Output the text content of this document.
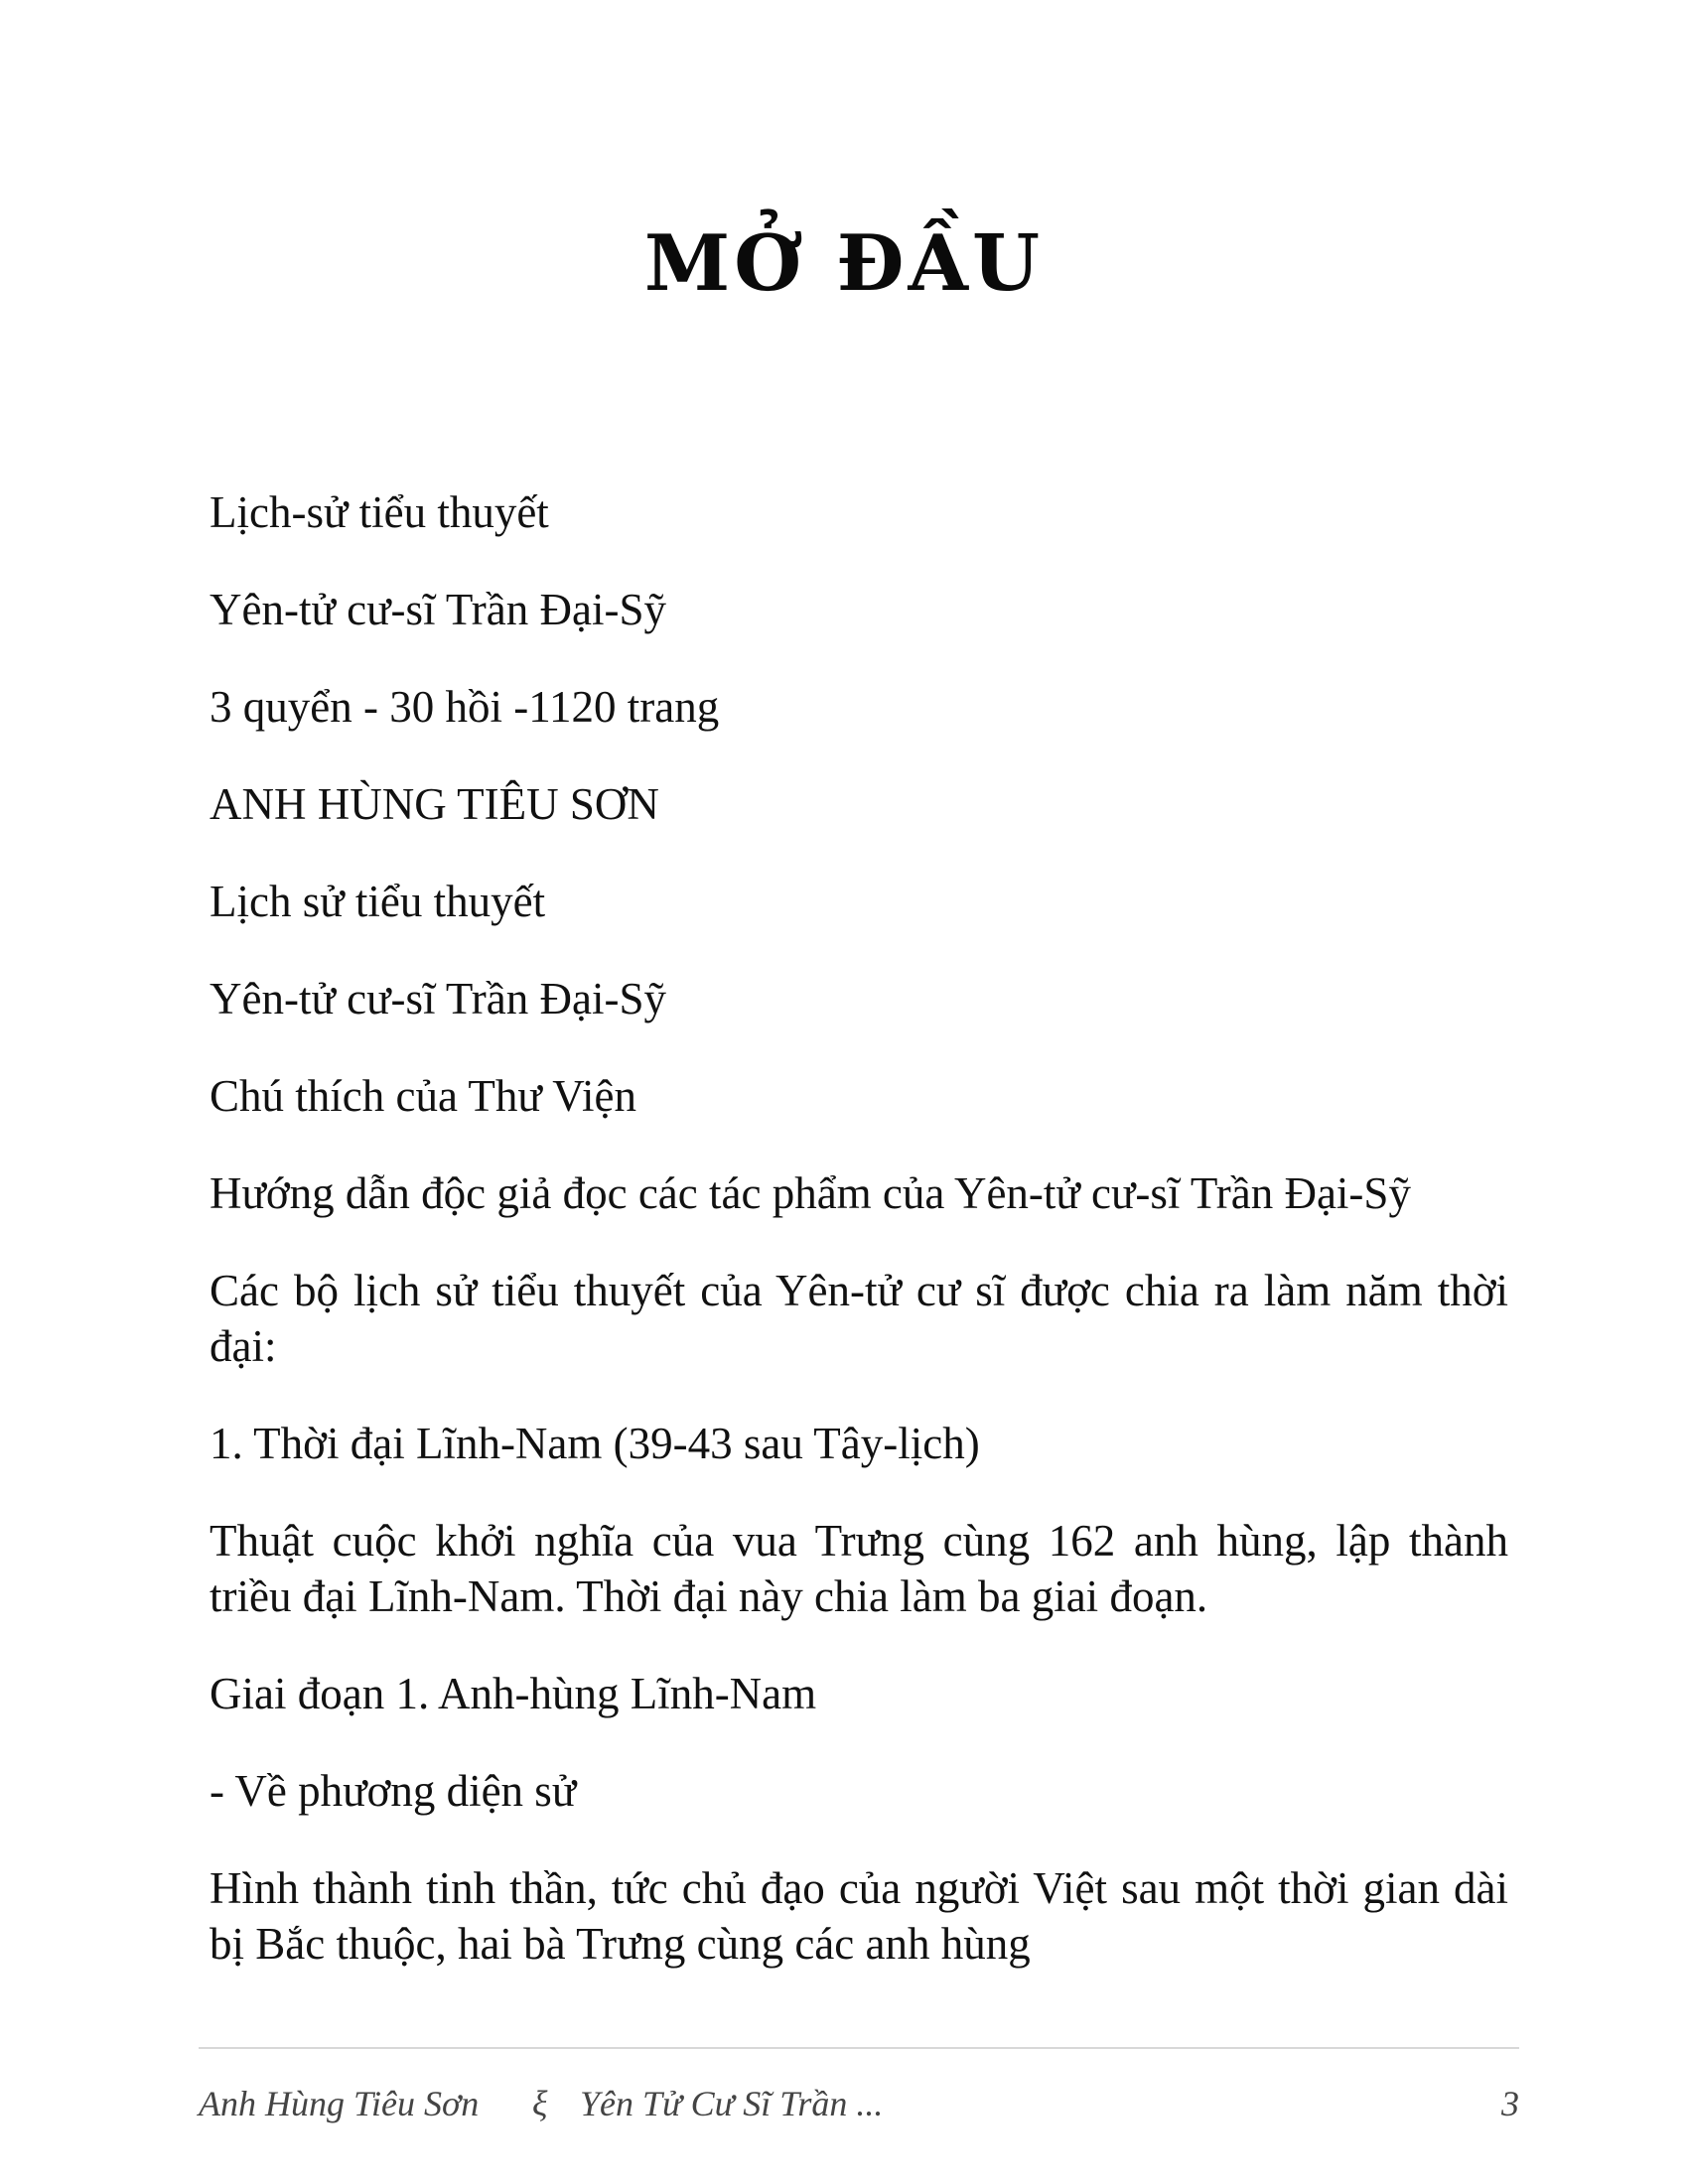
MỞ ĐẦU

Lịch-sử tiểu thuyết

Yên-tử cư-sĩ Trần Đại-Sỹ

3 quyển - 30 hồi -1120 trang

ANH HÙNG TIÊU SƠN

Lịch sử tiểu thuyết

Yên-tử cư-sĩ Trần Đại-Sỹ

Chú thích của Thư Viện

Hướng dẫn độc giả đọc các tác phẩm của Yên-tử cư-sĩ Trần Đại-Sỹ

Các bộ lịch sử tiểu thuyết của Yên-tử cư sĩ được chia ra làm năm thời đại:

1. Thời đại Lĩnh-Nam (39-43 sau Tây-lịch)

Thuật cuộc khởi nghĩa của vua Trưng cùng 162 anh hùng, lập thành triều đại Lĩnh-Nam. Thời đại này chia làm ba giai đoạn.

Giai đoạn 1. Anh-hùng Lĩnh-Nam

- Về phương diện sử

Hình thành tinh thần, tức chủ đạo của người Việt sau một thời gian dài bị Bắc thuộc, hai bà Trưng cùng các anh hùng

Anh Hùng Tiêu Sơn ξ Yên Tử Cư Sĩ Trần ...	3
